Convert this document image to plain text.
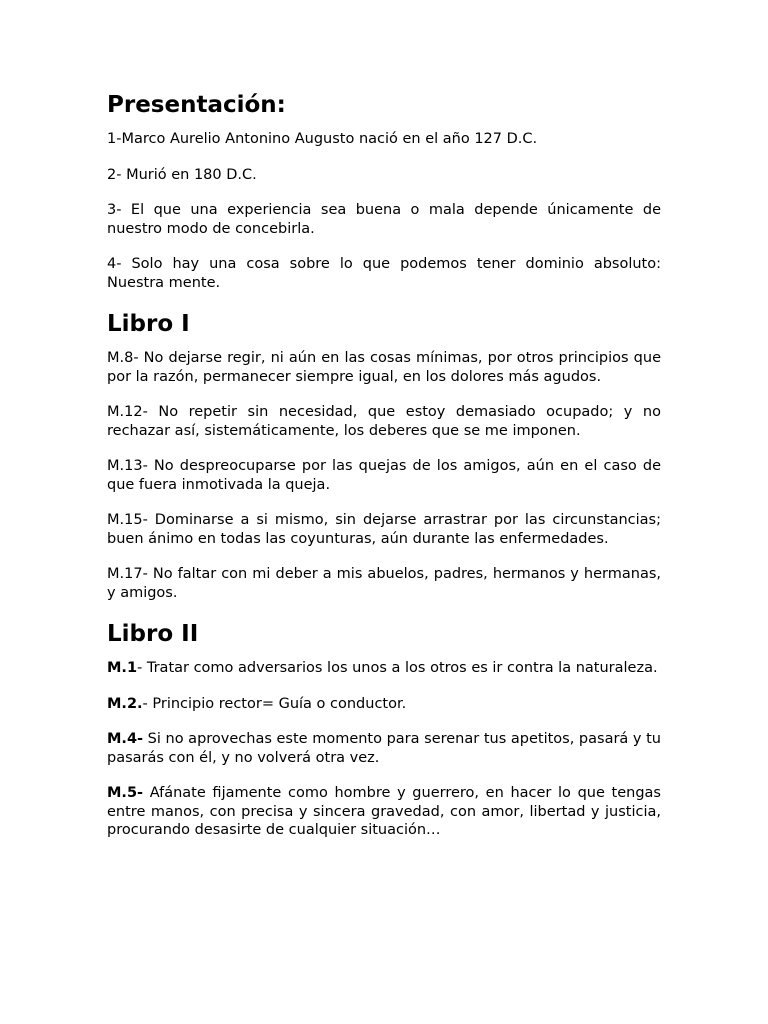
Presentación:

1-Marco Aurelio Antonino Augusto nació en el año 127 D.C.

2- Murió en 180 D.C.

3- El que una experiencia sea buena o mala depende únicamente de nuestro modo de concebirla.

4- Solo hay una cosa sobre lo que podemos tener dominio absoluto: Nuestra mente.

Libro I

M.8- No dejarse regir, ni aún en las cosas mínimas, por otros principios que por la razón, permanecer siempre igual, en los dolores más agudos.

M.12- No repetir sin necesidad, que estoy demasiado ocupado; y no rechazar así, sistemáticamente, los deberes que se me imponen.

M.13- No despreocuparse por las quejas de los amigos, aún en el caso de que fuera inmotivada la queja.

M.15- Dominarse a si mismo, sin dejarse arrastrar por las circunstancias; buen ánimo en todas las coyunturas, aún durante las enfermedades.

M.17- No faltar con mi deber a mis abuelos, padres, hermanos y hermanas, y amigos.

Libro II

M.1- Tratar como adversarios los unos a los otros es ir contra la naturaleza.

M.2.- Principio rector= Guía o conductor.

M.4- Si no aprovechas este momento para serenar tus apetitos, pasará y tu pasarás con él, y no volverá otra vez.

M.5- Afánate fijamente como hombre y guerrero, en hacer lo que tengas entre manos, con precisa y sincera gravedad, con amor, libertad y justicia, procurando desasirte de cualquier situación…
